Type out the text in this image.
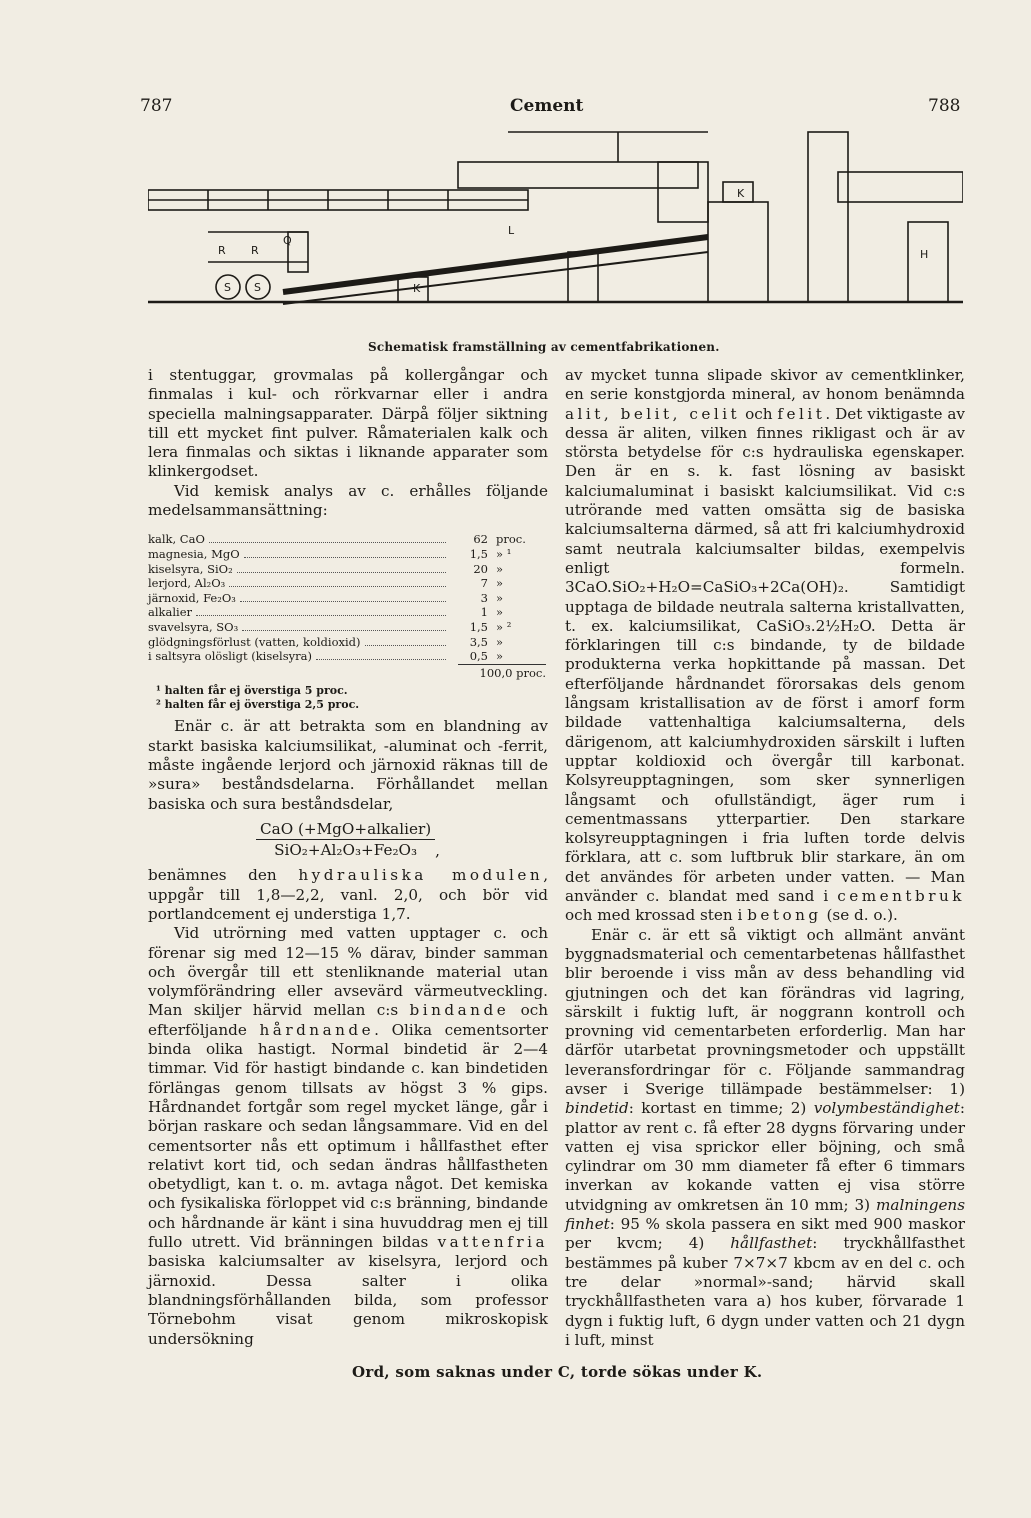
787	Cement	788
L
K
R R
Q
S S	K
H
Schematisk framställning av cementfabrikationen.

i stentuggar, grovmalas på kollergångar och finmalas i kul- och rörkvarnar eller i andra speciella malningsapparater. Därpå följer siktning till ett mycket fint pulver. Råmaterialen kalk och lera finmalas och siktas i liknande apparater som klinkergodset.

Vid kemisk analys av c. erhålles följande medelsammansättning:

kalk, CaO	62 proc.
magnesia, MgO	1,5 » ¹
kiselsyra, SiO₂	20 »
lerjord, Al₂O₃	7 »
järnoxid, Fe₂O₃	3 »
alkalier	1 »
svavelsyra, SO₃	1,5 » ²
glödgningsförlust (vatten, koldioxid)	3,5 »
i saltsyra olösligt (kiselsyra)	0,5 »
100,0 proc.
¹ halten får ej överstiga 5 proc.
² halten får ej överstiga 2,5 proc.

Enär c. är att betrakta som en blandning av starkt basiska kalciumsilikat, -aluminat och -ferrit, måste ingående lerjord och järnoxid räknas till de »sura» beståndsdelarna. Förhållandet mellan basiska och sura beståndsdelar,

$\frac{\text{CaO (+MgO+alkalier)}}{\text{SiO₂+Al₂O₃+Fe₂O₃}}$ ,

benämnes den hydrauliska modulen, uppgår till 1,8—2,2, vanl. 2,0, och bör vid portlandcement ej understiga 1,7.

Vid utrörning med vatten upptager c. och förenar sig med 12—15 % därav, binder samman och övergår till ett stenliknande material utan volymförändring eller avsevärd värmeutveckling. Man skiljer härvid mellan c:s bindande och efterföljande hårdnande. Olika cementsorter binda olika hastigt. Normal bindetid är 2—4 timmar. Vid för hastigt bindande c. kan bindetiden förlängas genom tillsats av högst 3 % gips. Hårdnandet fortgår som regel mycket länge, går i början raskare och sedan långsammare. Vid en del cementsorter nås ett optimum i hållfasthet efter relativt kort tid, och sedan ändras hållfastheten obetydligt, kan t. o. m. avtaga något. Det kemiska och fysikaliska förloppet vid c:s bränning, bindande och hårdnande är känt i sina huvuddrag men ej till fullo utrett. Vid bränningen bildas vattenfria basiska kalciumsalter av kiselsyra, lerjord och järnoxid. Dessa salter i olika blandningsförhållanden bilda, som professor Törnebohm visat genom mikroskopisk undersökning

av mycket tunna slipade skivor av cementklinker, en serie konstgjorda mineral, av honom benämnda alit, belit, celit och felit. Det viktigaste av dessa är aliten, vilken finnes rikligast och är av största betydelse för c:s hydrauliska egenskaper. Den är en s. k. fast lösning av basiskt kalciumaluminat i basiskt kalciumsilikat. Vid c:s utrörande med vatten omsätta sig de basiska kalciumsalterna därmed, så att fri kalciumhydroxid samt neutrala kalciumsalter bildas, exempelvis enligt formeln. 3CaO.SiO₂+H₂O=CaSiO₃+2Ca(OH)₂. Samtidigt upptaga de bildade neutrala salterna kristallvatten, t. ex. kalciumsilikat, CaSiO₃.2½H₂O. Detta är förklaringen till c:s bindande, ty de bildade produkterna verka hopkittande på massan. Det efterföljande hårdnandet förorsakas dels genom långsam kristallisation av de först i amorf form bildade vattenhaltiga kalciumsalterna, dels därigenom, att kalciumhydroxiden särskilt i luften upptar koldioxid och övergår till karbonat. Kolsyreupptagningen, som sker synnerligen långsamt och ofullständigt, äger rum i cementmassans ytterpartier. Den starkare kolsyreupptagningen i fria luften torde delvis förklara, att c. som luftbruk blir starkare, än om det användes för arbeten under vatten. — Man använder c. blandat med sand i cementbruk och med krossad sten i betong (se d. o.).

Enär c. är ett så viktigt och allmänt använt byggnadsmaterial och cementarbetenas hållfasthet blir beroende i viss mån av dess behandling vid gjutningen och det kan förändras vid lagring, särskilt i fuktig luft, är noggrann kontroll och provning vid cementarbeten erforderlig. Man har därför utarbetat provningsmetoder och uppställt leveransfordringar för c. Följande sammandrag avser i Sverige tillämpade bestämmelser: 1) bindetid: kortast en timme; 2) volymbeständighet: plattor av rent c. få efter 28 dygns förvaring under vatten ej visa sprickor eller böjning, och små cylindrar om 30 mm diameter få efter 6 timmars inverkan av kokande vatten ej visa större utvidgning av omkretsen än 10 mm; 3) malningens finhet: 95 % skola passera en sikt med 900 maskor per kvcm; 4) hållfasthet: tryckhållfasthet bestämmes på kuber 7×7×7 kbcm av en del c. och tre delar »normal»-sand; härvid skall tryckhållfastheten vara a) hos kuber, förvarade 1 dygn i fuktig luft, 6 dygn under vatten och 21 dygn i luft, minst

Ord, som saknas under C, torde sökas under K.
